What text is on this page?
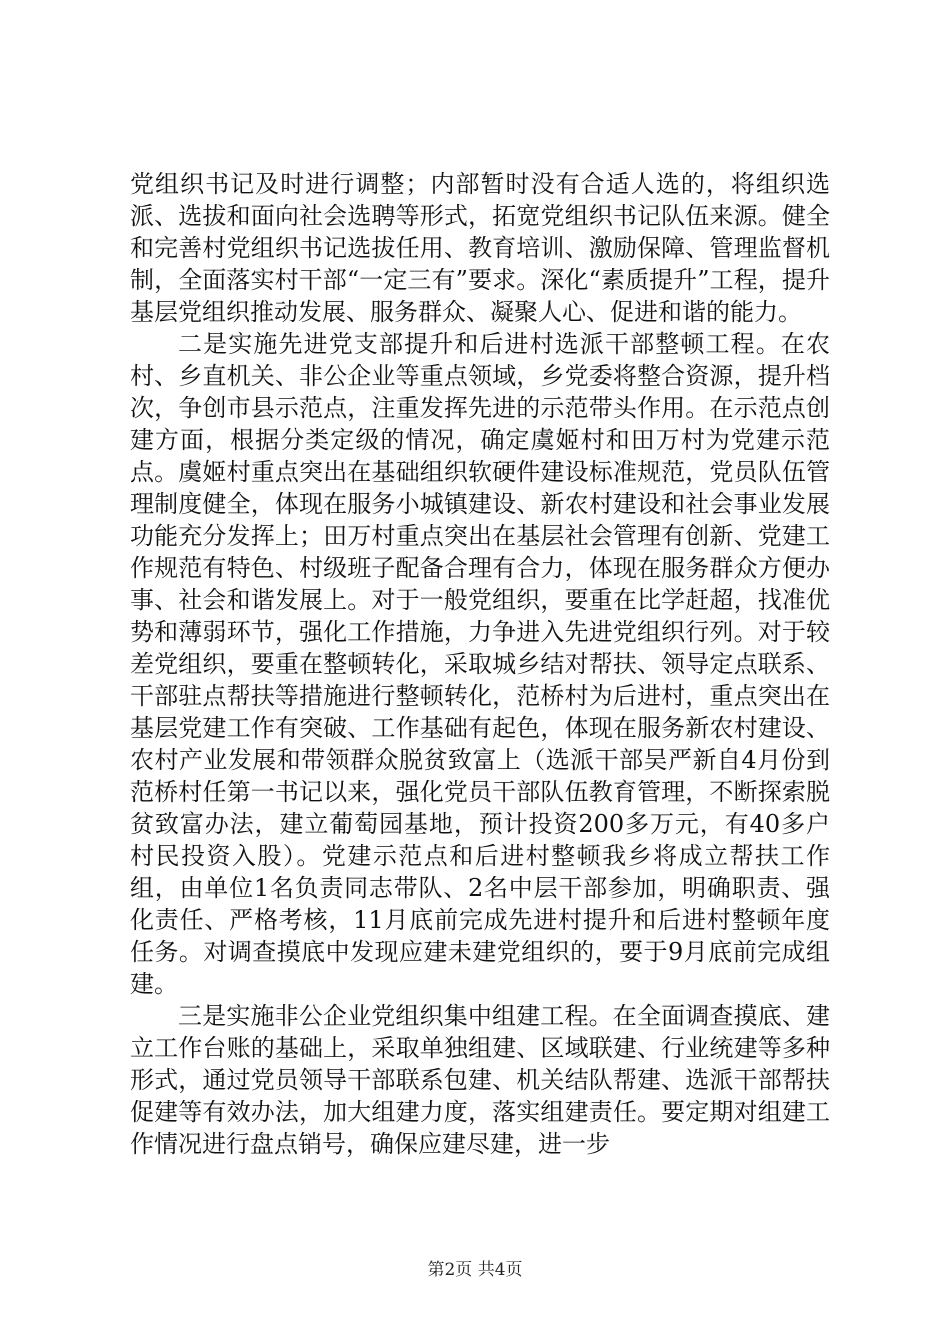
党组织书记及时进行调整；内部暂时没有合适人选的，将组织选派、选拔和面向社会选聘等形式，拓宽党组织书记队伍来源。健全和完善村党组织书记选拔任用、教育培训、激励保障、管理监督机制，全面落实村干部“一定三有”要求。深化“素质提升”工程，提升基层党组织推动发展、服务群众、凝聚人心、促进和谐的能力。

二是实施先进党支部提升和后进村选派干部整顿工程。在农村、乡直机关、非公企业等重点领域，乡党委将整合资源，提升档次，争创市县示范点，注重发挥先进的示范带头作用。在示范点创建方面，根据分类定级的情况，确定虞姬村和田万村为党建示范点。虞姬村重点突出在基础组织软硬件建设标准规范，党员队伍管理制度健全，体现在服务小城镇建设、新农村建设和社会事业发展功能充分发挥上；田万村重点突出在基层社会管理有创新、党建工作规范有特色、村级班子配备合理有合力，体现在服务群众方便办事、社会和谐发展上。对于一般党组织，要重在比学赶超，找准优势和薄弱环节，强化工作措施，力争进入先进党组织行列。对于较差党组织，要重在整顿转化，采取城乡结对帮扶、领导定点联系、干部驻点帮扶等措施进行整顿转化，范桥村为后进村，重点突出在基层党建工作有突破、工作基础有起色，体现在服务新农村建设、农村产业发展和带领群众脱贫致富上（选派干部吴严新自4月份到范桥村任第一书记以来，强化党员干部队伍教育管理，不断探索脱贫致富办法，建立葡萄园基地，预计投资200多万元，有40多户村民投资入股）。党建示范点和后进村整顿我乡将成立帮扶工作组，由单位1名负责同志带队、2名中层干部参加，明确职责、强化责任、严格考核，11月底前完成先进村提升和后进村整顿年度任务。对调查摸底中发现应建未建党组织的，要于9月底前完成组建。

三是实施非公企业党组织集中组建工程。在全面调查摸底、建立工作台账的基础上，采取单独组建、区域联建、行业统建等多种形式，通过党员领导干部联系包建、机关结队帮建、选派干部帮扶促建等有效办法，加大组建力度，落实组建责任。要定期对组建工作情况进行盘点销号，确保应建尽建，进一步

第2页 共4页
